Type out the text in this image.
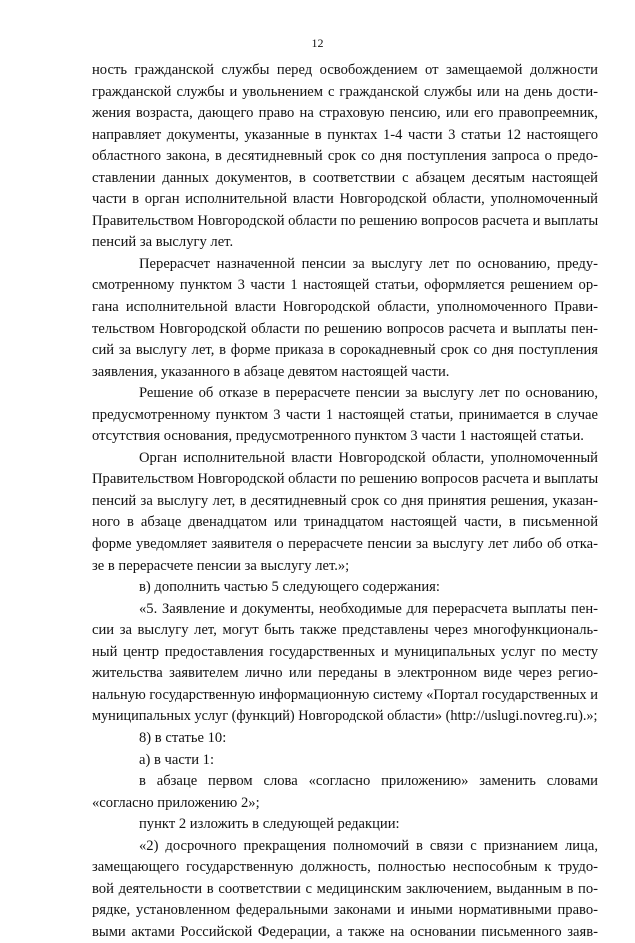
12
ность гражданской службы перед освобождением от замещаемой должности
гражданской службы и увольнением с гражданской службы или на день дости-
жения возраста, дающего право на страховую пенсию, или его правопреемник,
направляет документы, указанные в пунктах 1-4 части 3 статьи 12 настоящего
областного закона, в десятидневный срок со дня поступления запроса о предо-
ставлении данных документов, в соответствии с абзацем десятым настоящей
части в орган исполнительной власти Новгородской области, уполномоченный
Правительством Новгородской области по решению вопросов расчета и выплаты
пенсий за выслугу лет.
Перерасчет назначенной пенсии за выслугу лет по основанию, преду-
смотренному пунктом 3 части 1 настоящей статьи, оформляется решением ор-
гана исполнительной власти Новгородской области, уполномоченного Прави-
тельством Новгородской области по решению вопросов расчета и выплаты пен-
сий за выслугу лет, в форме приказа в сорокадневный срок со дня поступления
заявления, указанного в абзаце девятом настоящей части.
Решение об отказе в перерасчете пенсии за выслугу лет по основанию,
предусмотренному пунктом 3 части 1 настоящей статьи, принимается в случае
отсутствия основания, предусмотренного пунктом 3 части 1 настоящей статьи.
Орган исполнительной власти Новгородской области, уполномоченный
Правительством Новгородской области по решению вопросов расчета и выплаты
пенсий за выслугу лет, в десятидневный срок со дня принятия решения, указан-
ного в абзаце двенадцатом или тринадцатом настоящей части, в письменной
форме уведомляет заявителя о перерасчете пенсии за выслугу лет либо об отка-
зе в перерасчете пенсии за выслугу лет.»;
в) дополнить частью 5 следующего содержания:
«5. Заявление и документы, необходимые для перерасчета выплаты пен-
сии за выслугу лет, могут быть также представлены через многофункциональ-
ный центр предоставления государственных и муниципальных услуг по месту
жительства заявителем лично или переданы в электронном виде через регио-
нальную государственную информационную систему «Портал государственных и
муниципальных услуг (функций) Новгородской области» (http://uslugi.novreg.ru).»;
8) в статье 10:
а) в части 1:
в абзаце первом слова «согласно приложению» заменить словами
«согласно приложению 2»;
пункт 2 изложить в следующей редакции:
«2) досрочного прекращения полномочий в связи с признанием лица,
замещающего государственную должность, полностью неспособным к трудо-
вой деятельности в соответствии с медицинским заключением, выданным в по-
рядке, установленном федеральными законами и иными нормативными право-
выми актами Российской Федерации, а также на основании письменного заяв-
